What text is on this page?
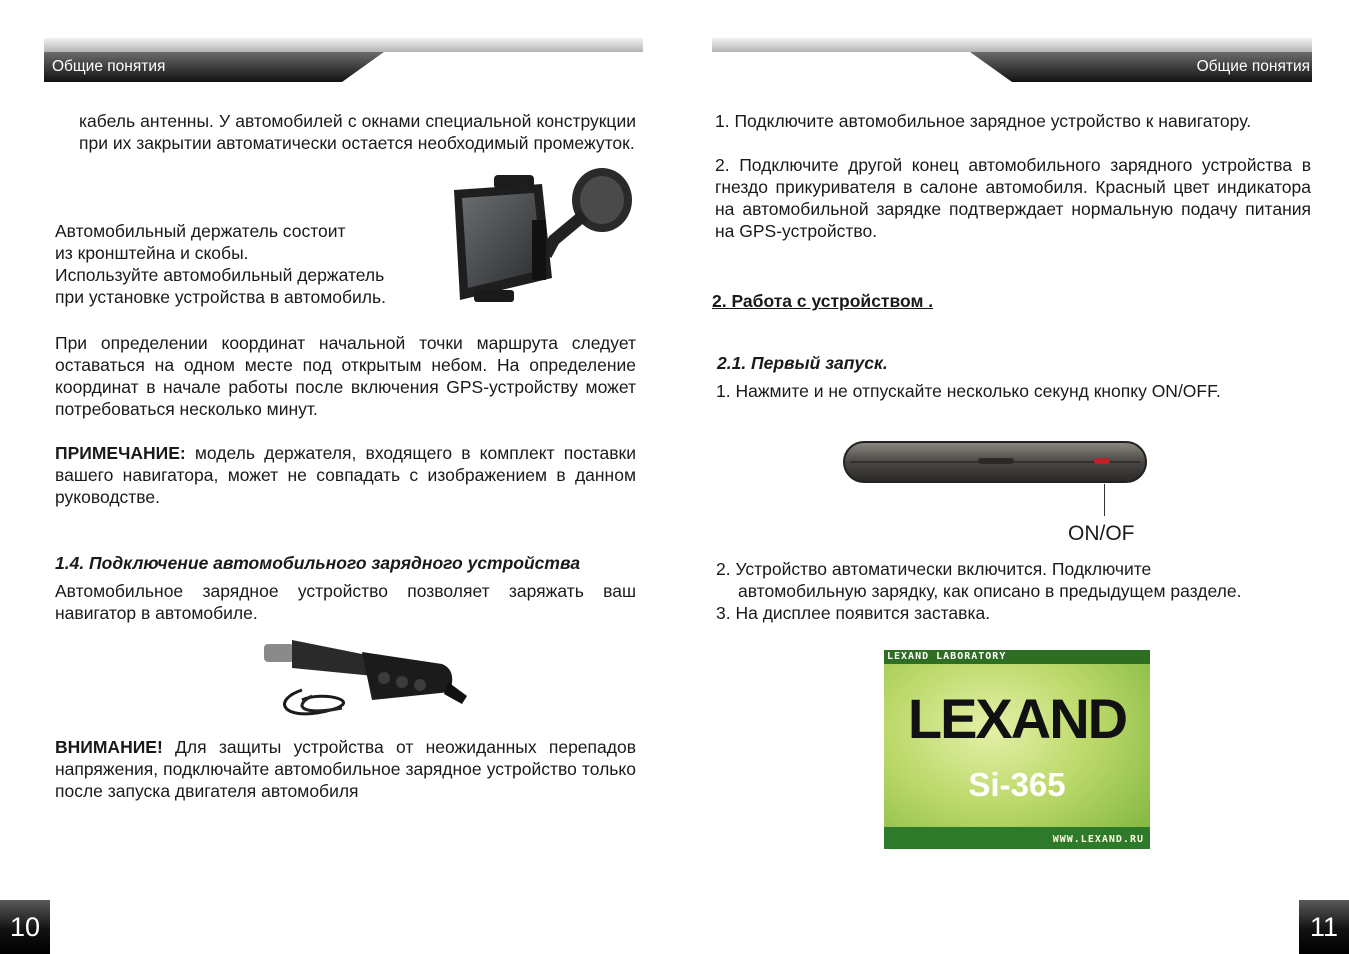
Общие понятия
кабель антенны. У автомобилей с окнами специальной конструкции при их закрытии автоматически остается необходимый промежуток.
Автомобильный держатель состоит
из кронштейна и скобы.
Используйте автомобильный держатель
при установке устройства в автомобиль.
При определении координат начальной точки маршрута следует оставаться на одном месте под открытым небом. На определение координат в начале работы после включения GPS-устройству может потребоваться несколько минут.
ПРИМЕЧАНИЕ: модель держателя, входящего в комплект поставки вашего навигатора, может не совпадать с изображением в данном руководстве.
1.4. Подключение автомобильного зарядного устройства
Автомобильное зарядное устройство позволяет заряжать ваш навигатор в автомобиле.
ВНИМАНИЕ! Для защиты устройства от неожиданных перепадов напряжения, подключайте автомобильное зарядное устройство только после запуска двигателя автомобиля
10
Общие понятия
1. Подключите автомобильное зарядное устройство к навигатору.
2. Подключите другой конец автомобильного зарядного устройства в гнездо прикуривателя в салоне автомобиля. Красный цвет индикатора на автомобильной зарядке подтверждает нормальную подачу питания на GPS-устройство.
2. Работа с устройством .
2.1. Первый запуск.
1. Нажмите и не отпускайте несколько секунд кнопку ON/OFF.
ON/OF
2. Устройство автоматически включится. Подключите
автомобильную зарядку, как описано в предыдущем разделе.
3. На дисплее появится заставка.
LEXAND LABORATORY
LEXAND
Si-365
WWW.LEXAND.RU
11
